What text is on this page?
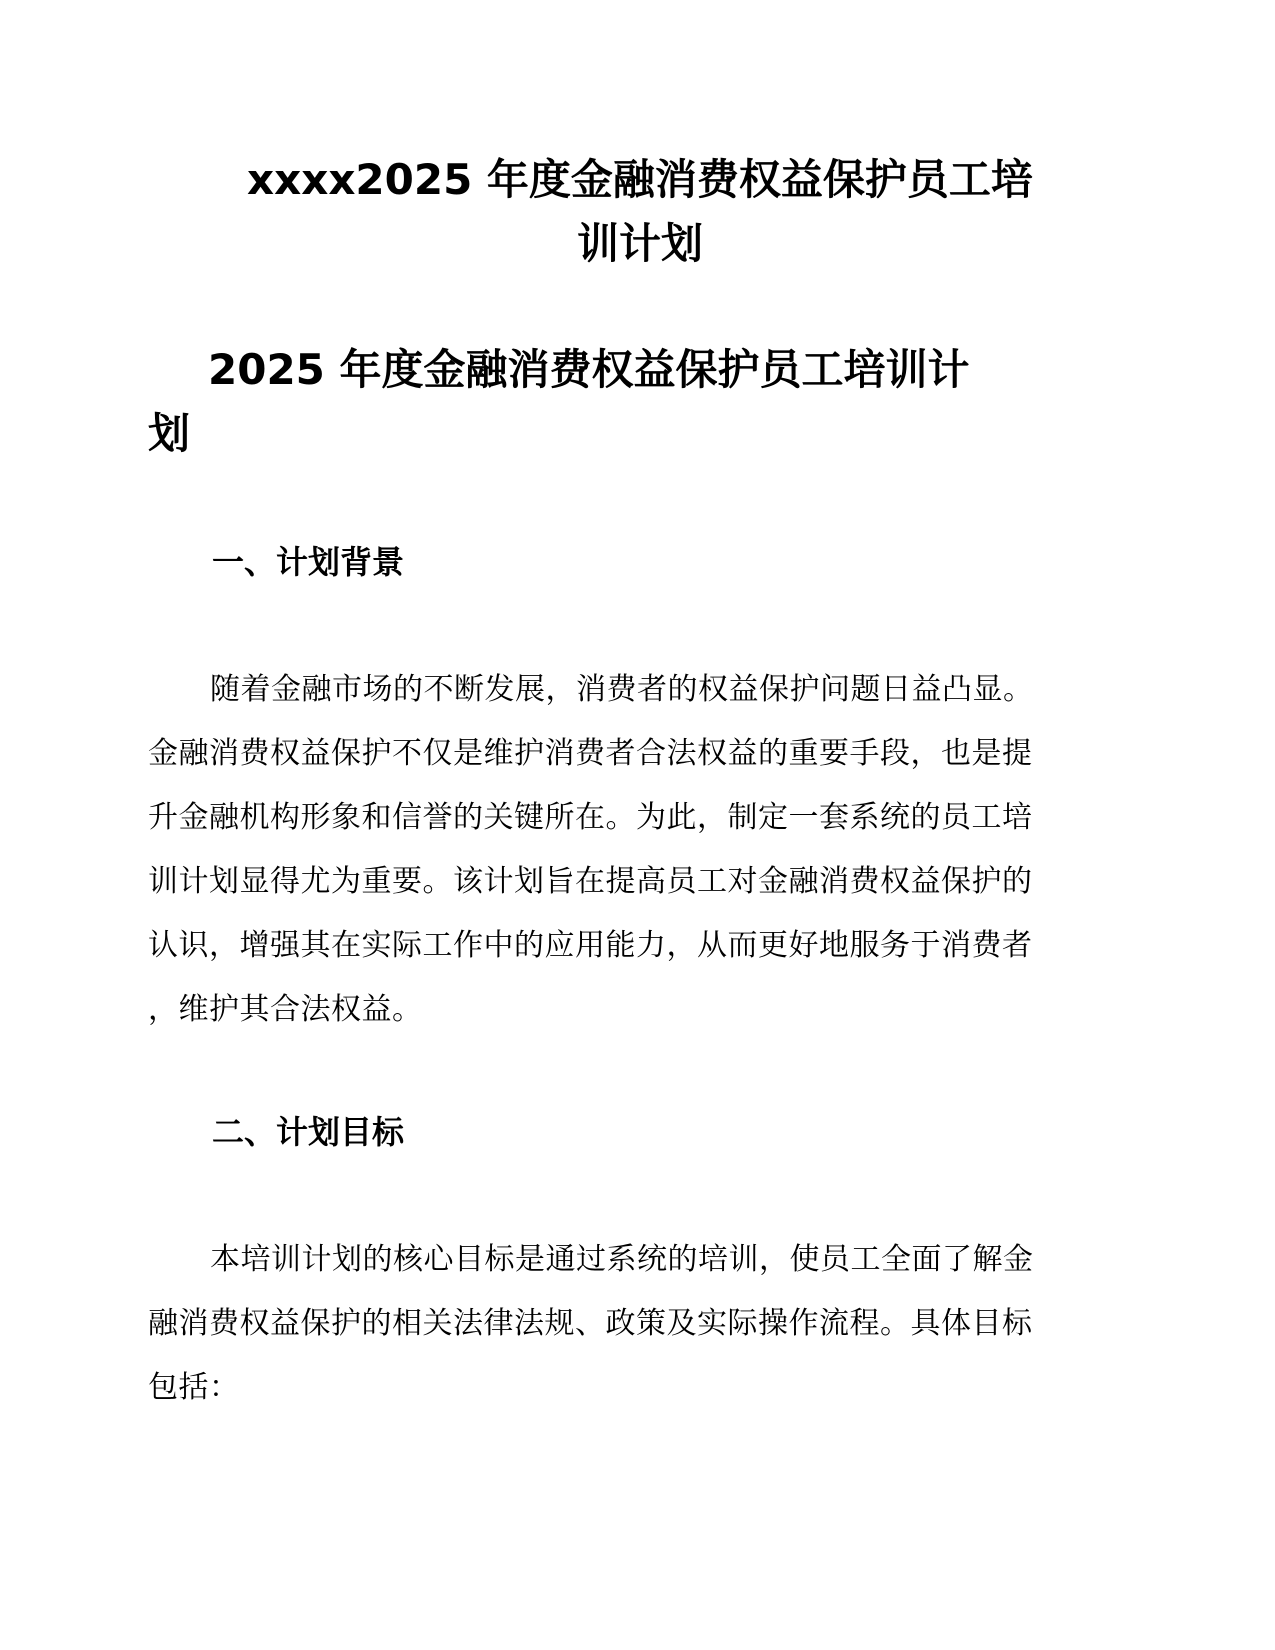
xxxx2025 年度金融消费权益保护员工培
训计划
2025 年度金融消费权益保护员工培训计
划
一、计划背景
随着金融市场的不断发展，消费者的权益保护问题日益凸显。
金融消费权益保护不仅是维护消费者合法权益的重要手段，也是提
升金融机构形象和信誉的关键所在。为此，制定一套系统的员工培
训计划显得尤为重要。该计划旨在提高员工对金融消费权益保护的
认识，增强其在实际工作中的应用能力，从而更好地服务于消费者
，维护其合法权益。
二、计划目标
本培训计划的核心目标是通过系统的培训，使员工全面了解金
融消费权益保护的相关法律法规、政策及实际操作流程。具体目标
包括：
